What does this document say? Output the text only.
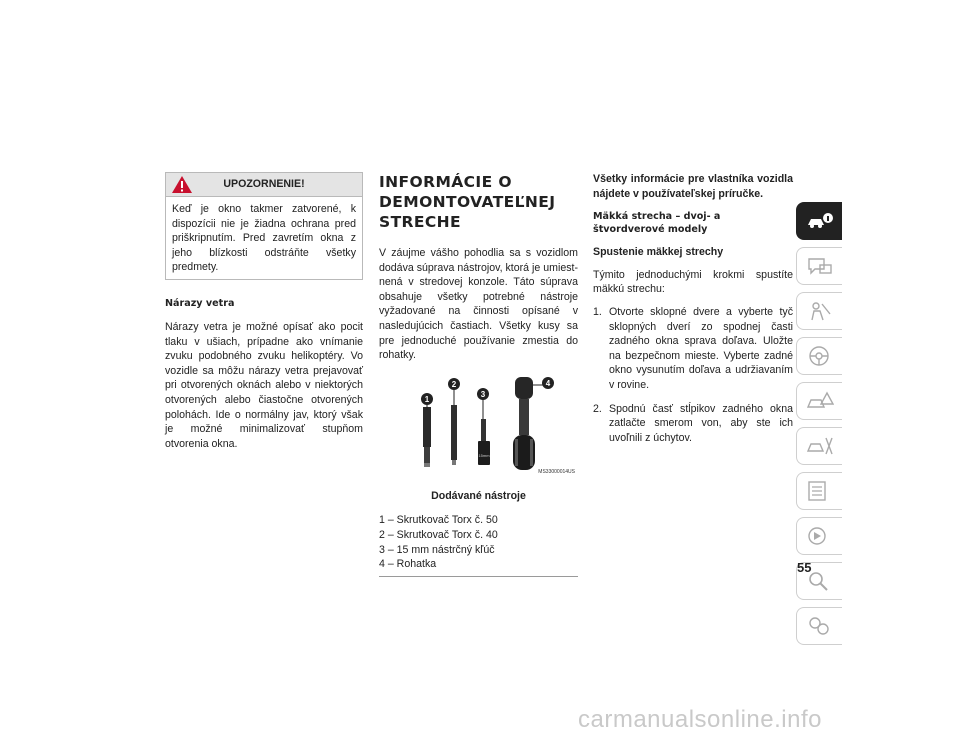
UPOZORNENIE!
Keď je okno takmer zatvorené, k dispozícii nie je žiadna ochrana pred priškripnutím. Pred zavretím okna z jeho blízkosti odstráňte všetky predmety.

Nárazy vetra

Nárazy vetra je možné opísať ako pocit tlaku v ušiach, prípadne ako vnímanie zvuku podobného zvuku helikoptéry. Vo vozidle sa môžu nárazy vetra prejavovať pri otvorených oknách alebo v niektorých otvorených alebo čiastočne otvorených polohách. Ide o normálny jav, ktorý však je možné minimalizovať stupňom otvorenia okna.

INFORMÁCIE O DEMONTOVATEĽNEJ STRECHE

V záujme vášho pohodlia sa s vozidlom dodáva súprava nástrojov, ktorá je umiestnená v stredovej konzole. Táto súprava obsahuje všetky potrebné nástroje vyžadované na činnosti opísané v nasledujúcich častiach. Všetky kusy sa pre jednoduché používanie zmestia do rohatky.

15mm
1
2
3
4
MS33000014US
Dodávané nástroje
1 – Skrutkovač Torx č. 50
2 – Skrutkovač Torx č. 40
3 – 15 mm nástrčný kľúč
4 – Rohatka

Všetky informácie pre vlastníka vozidla nájdete v používateľskej príručke.

Mäkká strecha – dvoj- a štvordverové modely

Spustenie mäkkej strechy

Týmito jednoduchými krokmi spustíte mäkkú strechu:

1. Otvorte sklopné dvere a vyberte tyč sklopných dverí zo spodnej časti zadného okna sprava doľava. Uložte na bezpečnom mieste. Vyberte zadné okno vysunutím doľava a udržiavaním v rovine.
2. Spodnú časť stĺpikov zadného okna zatlačte smerom von, aby ste ich uvoľnili z úchytov.
55
carmanualsonline.info
